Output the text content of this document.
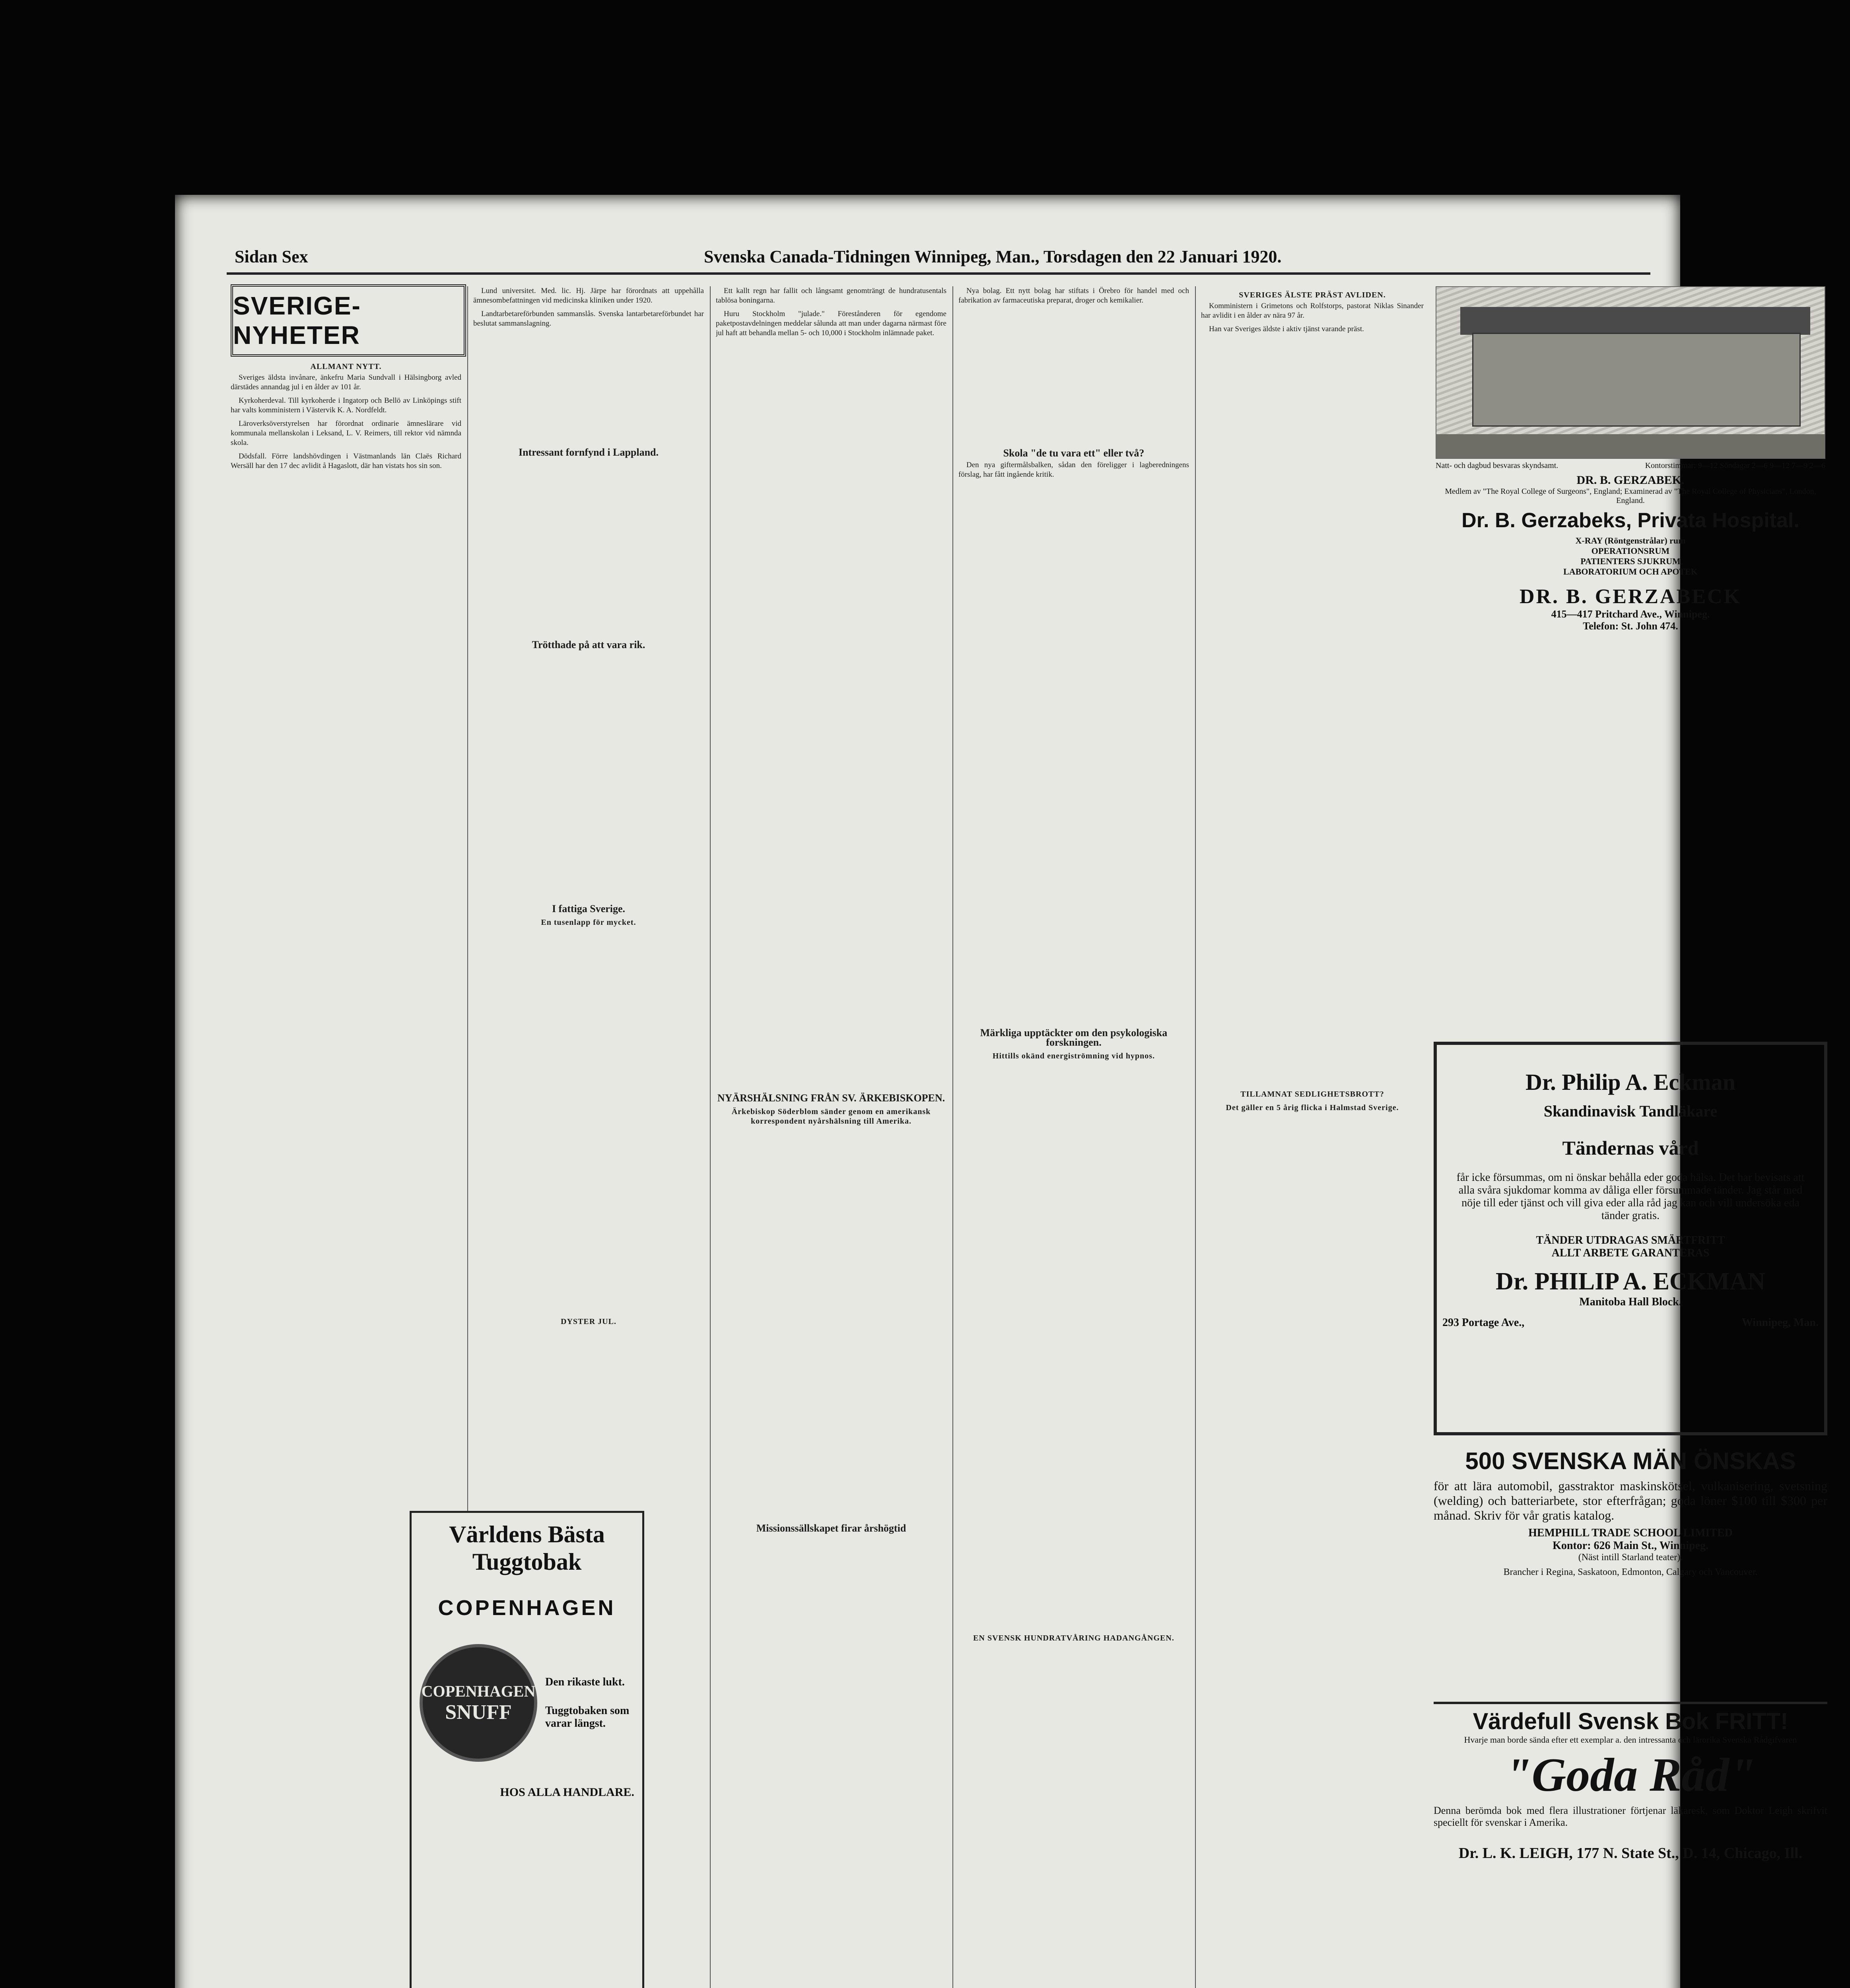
Sidan Sex	Svenska Canada-Tidningen Winnipeg, Man., Torsdagen den 22 Januari 1920.
SVERIGE-NYHETER
ALLMANT NYTT.

Sveriges äldsta invånare, änkefru Maria Sundvall i Hälsingborg avled därstädes annandag jul i en ålder av 101 år.

Kyrkoherdeval. Till kyrkoherde i Ingatorp och Bellö av Linköpings stift har valts komministern i Västervik K. A. Nordfeldt.

Läroverksöverstyrelsen har förordnat ordinarie ämneslärare vid kommunala mellanskolan i Leksand, L. V. Reimers, till rektor vid nämnda skola.

Dödsfall. Förre landshövdingen i Västmanlands län Claës Richard Wersäll har den 17 dec avlidit å Hagaslott, där han vistats hos sin son.

Lund universitet. Med. lic. Hj. Järpe har förordnats att uppehålla ämnesombefattningen vid medicinska kliniken under 1920.

Landtarbetareförbunden sammanslås. Svenska lantarbetareförbundet har beslutat sammanslagning.

Intressant fornfynd i Lappland.
Trötthade på att vara rik.
I fattiga Sverige.
En tusenlapp för mycket.
DYSTER JUL.

Ett kallt regn har fallit och långsamt genomträngt de hundratusentals tablösa boningarna.

Huru Stockholm "julade." Förestånderen för egendome paketpostavdelningen meddelar sålunda att man under dagarna närmast före jul haft att behandla mellan 5- och 10,000 i Stockholm inlämnade paket.

NYÄRSHÄLSNING FRÅN SV. ÄRKEBISKOPEN.
Ärkebiskop Söderblom sänder genom en amerikansk korrespondent nyårshälsning till Amerika.
Missionssällskapet firar årshögtid

Nya bolag. Ett nytt bolag har stiftats i Örebro för handel med och fabrikation av farmaceutiska preparat, droger och kemikalier.

Skola "de tu vara ett" eller två?

Den nya giftermålsbalken, sådan den föreligger i lagberedningens förslag, har fått ingående kritik.

Märkliga upptäckter om den psykologiska forskningen.
Hittills okänd energiströmning vid hypnos.
EN SVENSK HUNDRATVÅRING HADANGÅNGEN.
SVERIGES ÄLSTE PRÄST AVLIDEN.

Komministern i Grimetons och Rolfstorps, pastorat Niklas Sinander har avlidit i en ålder av nära 97 år.

Han var Sveriges äldste i aktiv tjänst varande präst.

TILLAMNAT SEDLIGHETSBROTT?
Det gäller en 5 årig flicka i Halmstad Sverige.
Natt- och dagbud besvaras skyndsamt.	Kontorstimmar: 9—12 Söndagar 2—6 9—12 7—9 2—6
DR. B. GERZABEK.
Medlem av "The Royal College of Surgeons", England; Examinerad av "The Royal College of Physicians", London, England.
Dr. B. Gerzabeks, Privata Hospital.
X-RAY (Röntgenstrålar) rum
OPERATIONSRUM
PATIENTERS SJUKRUM
LABORATORIUM OCH APOTEK
DR. B. GERZABECK
415—417 Pritchard Ave., Winnipeg.
Telefon: St. John 474.
Dr. Philip A. Eckman
Skandinavisk Tandläkare
Tändernas vård
får icke försummas, om ni önskar behålla eder goda hälsa. Det har bevisats att alla svåra sjukdomar komma av dåliga eller försummade tänder. Jag står med nöje till eder tjänst och vill giva eder alla råd jag kan och vill undersöka eda tänder gratis.
TÄNDER UTDRAGAS SMÄRTFRITT
ALLT ARBETE GARANTERAS
Dr. PHILIP A. ECKMAN
Manitoba Hall Block.
293 Portage Ave.,	Winnipeg, Man.
500 SVENSKA MÄN ÖNSKAS
för att lära automobil, gasstraktor maskinskötsel, vulkanisering, svetsning (welding) och batteriarbete, stor efterfrågan; goda löner $100 till $300 per månad. Skriv för vår gratis katalog.
HEMPHILL TRADE SCHOOL LIMITED
Kontor: 626 Main St., Winnipeg.
(Näst intill Starland teater).
Brancher i Regina, Saskatoon, Edmonton, Calgary och Vancouver.
Värdefull Svensk Bok FRITT!
Hvarje man borde sända efter ett exemplar a. den intressanta och lärorika Svenska Rådgifvaren
"Goda Råd"
Denna berömda bok med flera illustrationer förtjenar läkaresk, som Doktor Leigh skrifvit speciellt för svenskar i Amerika.
Dr. L. K. LEIGH, 177 N. State St., D. 14, Chicago, Ill.

Världens Bästa Tuggtobak
COPENHAGEN
COPENHAGEN
SNUFF
Den rikaste lukt.
Tuggtobaken som varar längst.
HOS ALLA HANDLARE.
